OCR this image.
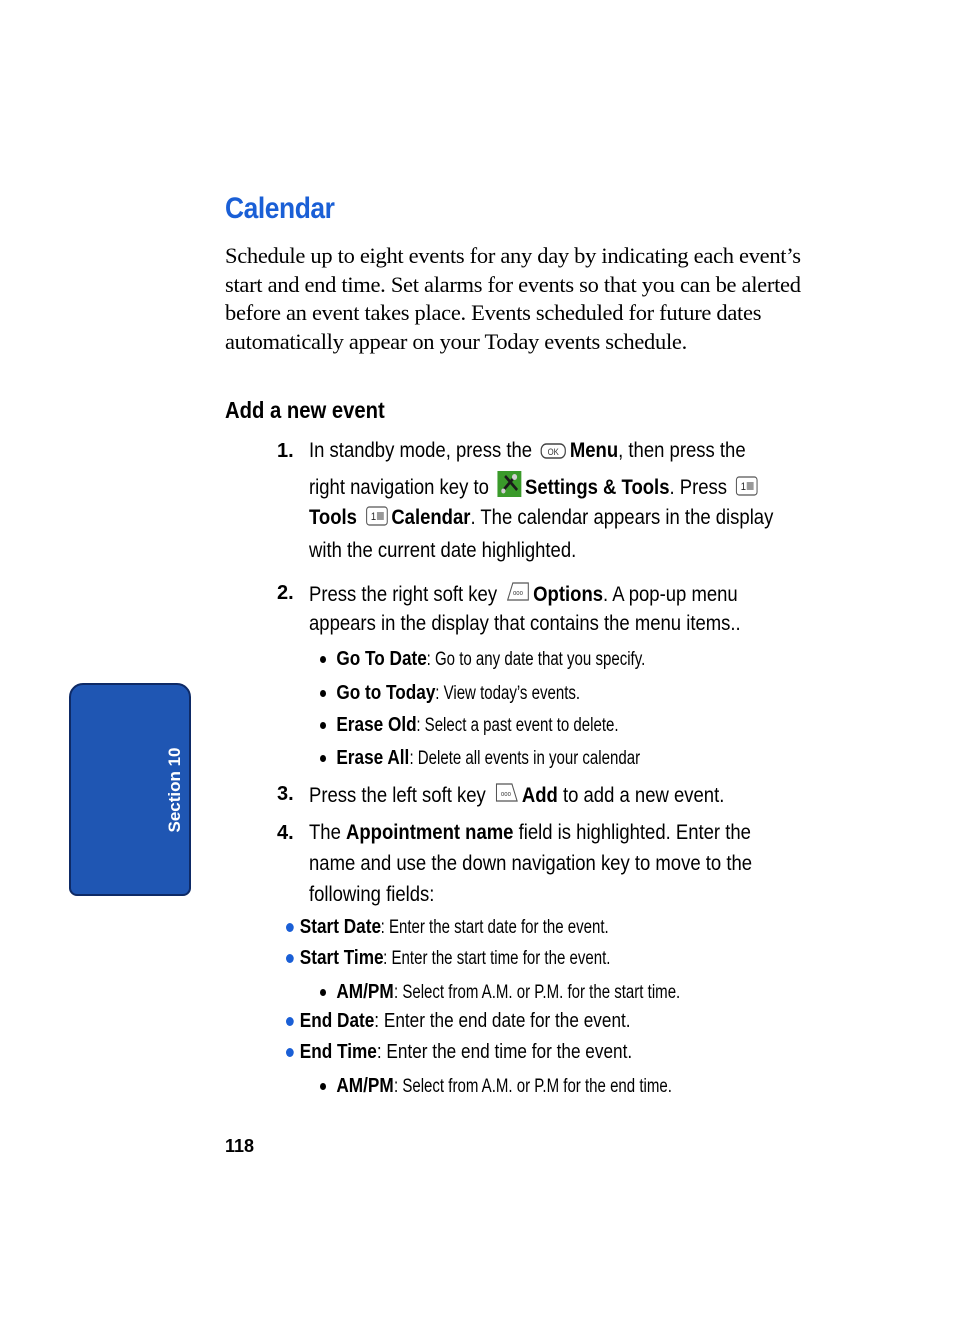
Calendar
Schedule up to eight events for any day by indicating each event’s start and end time. Set alarms for events so that you can be alerted before an event takes place. Events scheduled for future dates automatically appear on your Today events schedule.
Add a new event
1. In standby mode, press the OK Menu, then press the
right navigation key to Settings & Tools. Press 1
Tools 1 Calendar. The calendar appears in the display
with the current date highlighted.
2. Press the right soft key ooo Options. A pop-up menu
appears in the display that contains the menu items..
Go To Date: Go to any date that you specify.
Go to Today: View today’s events.
Erase Old: Select a past event to delete.
Erase All: Delete all events in your calendar
3. Press the left soft key ooo Add to add a new event.
4. The Appointment name field is highlighted. Enter the
name and use the down navigation key to move to the
following fields:
Start Date: Enter the start date for the event.
Start Time: Enter the start time for the event.
AM/PM: Select from A.M. or P.M. for the start time.
End Date: Enter the end date for the event.
End Time: Enter the end time for the event.
AM/PM: Select from A.M. or P.M for the end time.
Section 10
118
